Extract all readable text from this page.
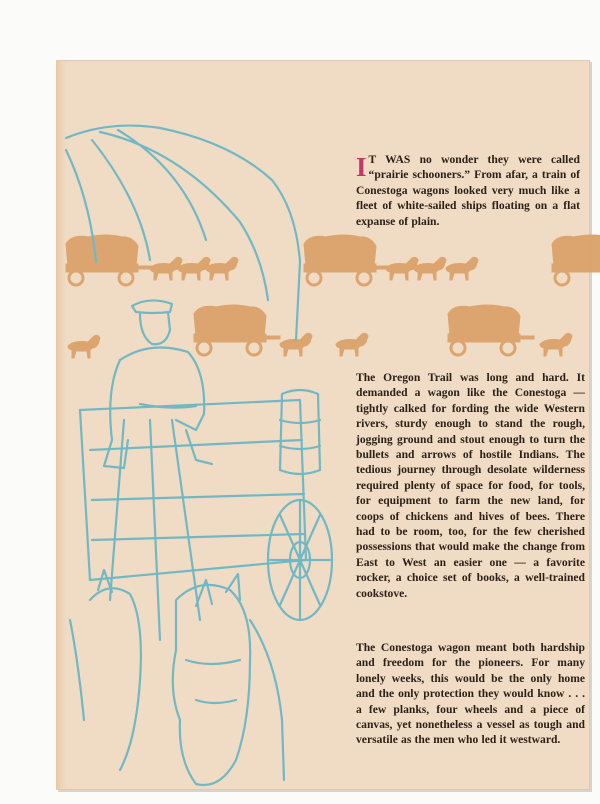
I T WAS no wonder they were called “prairie schooners.” From afar, a train of Conestoga wagons looked very much like a fleet of white-sailed ships floating on a flat expanse of plain.
The Oregon Trail was long and hard. It demanded a wagon like the Conestoga — tightly calked for fording the wide Western rivers, sturdy enough to stand the rough, jogging ground and stout enough to turn the bullets and arrows of hostile Indians. The tedious journey through desolate wilderness required plenty of space for food, for tools, for equipment to farm the new land, for coops of chickens and hives of bees. There had to be room, too, for the few cherished possessions that would make the change from East to West an easier one — a favorite rocker, a choice set of books, a well-trained cookstove.
The Conestoga wagon meant both hardship and freedom for the pioneers. For many lonely weeks, this would be the only home and the only protection they would know . . . a few planks, four wheels and a piece of canvas, yet nonetheless a vessel as tough and versatile as the men who led it westward.
